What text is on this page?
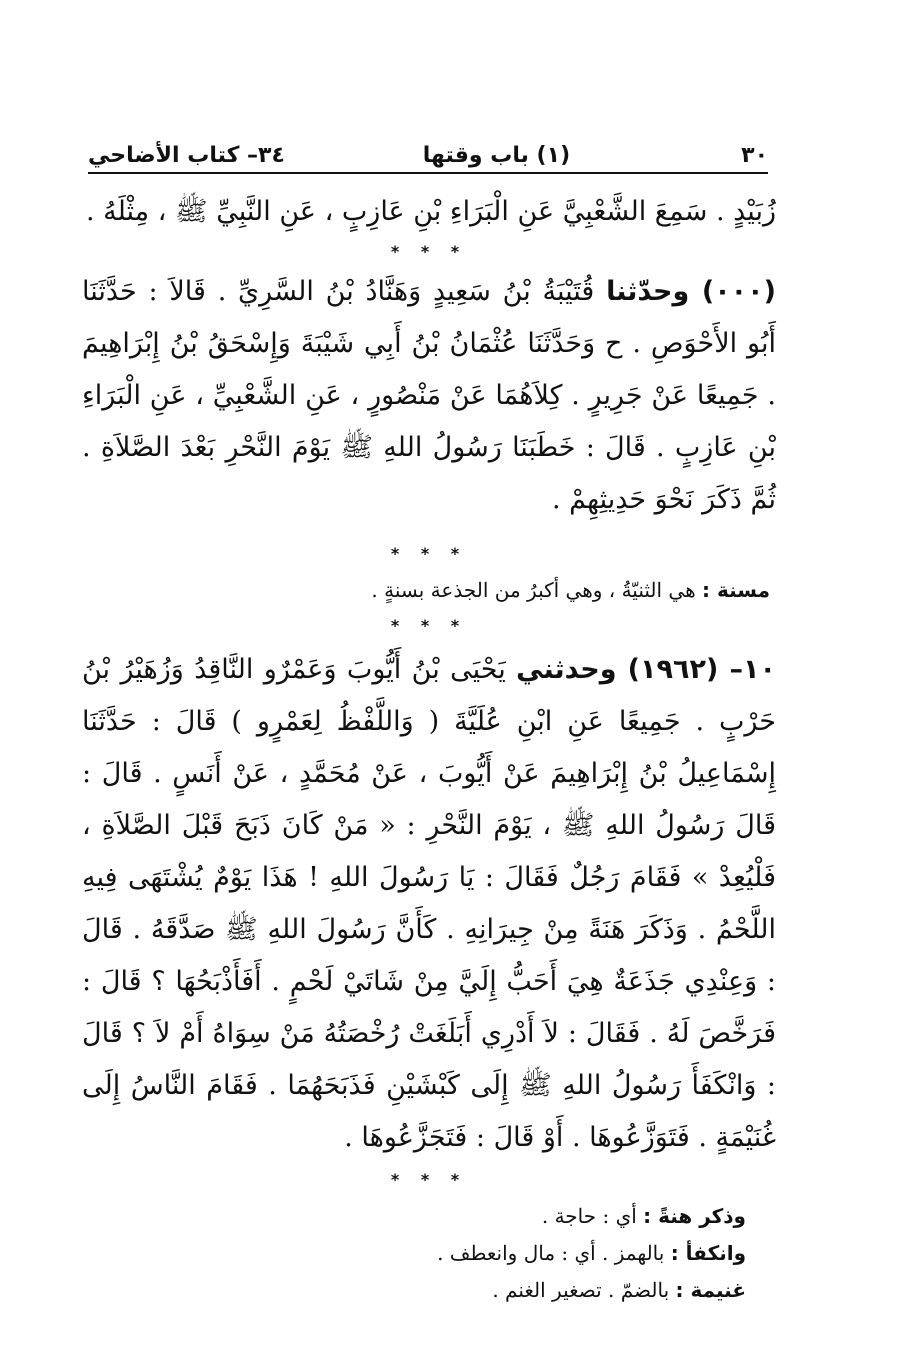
٣٠
(١) باب وقتها
٣٤– كتاب الأضاحي

زُبَيْدٍ . سَمِعَ الشَّعْبِيَّ عَنِ الْبَرَاءِ بْنِ عَازِبٍ ، عَنِ النَّبِيِّ ﷺ ، مِثْلَهُ .

* * *

(٠٠٠) وحدّثنا قُتَيْبَةُ بْنُ سَعِيدٍ وَهَنَّادُ بْنُ السَّرِيِّ . قَالاَ : حَدَّثَنَا أَبُو الأَحْوَصِ . ح وَحَدَّثَنَا عُثْمَانُ بْنُ أَبِي شَيْبَةَ وَإِسْحَقُ بْنُ إِبْرَاهِيمَ . جَمِيعًا عَنْ جَرِيرٍ . كِلاَهُمَا عَنْ مَنْصُورٍ ، عَنِ الشَّعْبِيِّ ، عَنِ الْبَرَاءِ بْنِ عَازِبٍ . قَالَ : خَطَبَنَا رَسُولُ اللهِ ﷺ يَوْمَ النَّحْرِ بَعْدَ الصَّلاَةِ . ثُمَّ ذَكَرَ نَحْوَ حَدِيثِهِمْ .

* * *

مسنة : هي الثنيّةُ ، وهي أكبرُ من الجذعة بسنةٍ .

* * *

١٠– (١٩٦٢) وحدثني يَحْيَى بْنُ أَيُّوبَ وَعَمْرٌو النَّاقِدُ وَزُهَيْرُ بْنُ حَرْبٍ . جَمِيعًا عَنِ ابْنِ عُلَيَّةَ ( وَاللَّفْظُ لِعَمْرٍو ) قَالَ : حَدَّثَنَا إِسْمَاعِيلُ بْنُ إِبْرَاهِيمَ عَنْ أَيُّوبَ ، عَنْ مُحَمَّدٍ ، عَنْ أَنَسٍ . قَالَ : قَالَ رَسُولُ اللهِ ﷺ ، يَوْمَ النَّحْرِ : « مَنْ كَانَ ذَبَحَ قَبْلَ الصَّلاَةِ ، فَلْيُعِدْ » فَقَامَ رَجُلٌ فَقَالَ : يَا رَسُولَ اللهِ ! هَذَا يَوْمٌ يُشْتَهَى فِيهِ اللَّحْمُ . وَذَكَرَ هَنَةً مِنْ جِيرَانِهِ . كَأَنَّ رَسُولَ اللهِ ﷺ صَدَّقَهُ . قَالَ : وَعِنْدِي جَذَعَةٌ هِيَ أَحَبُّ إِلَيَّ مِنْ شَاتَيْ لَحْمٍ . أَفَأَذْبَحُهَا ؟ قَالَ : فَرَخَّصَ لَهُ . فَقَالَ : لاَ أَدْرِي أَبَلَغَتْ رُخْصَتُهُ مَنْ سِوَاهُ أَمْ لاَ ؟ قَالَ : وَانْكَفَأَ رَسُولُ اللهِ ﷺ إِلَى كَبْشَيْنِ فَذَبَحَهُمَا . فَقَامَ النَّاسُ إِلَى غُنَيْمَةٍ . فَتَوَزَّعُوهَا . أَوْ قَالَ : فَتَجَزَّعُوهَا .

* * *
وذكر هنةً : أي : حاجة .
وانكفأ : بالهمز . أي : مال وانعطف .
غنيمة : بالضمّ . تصغير الغنم .
